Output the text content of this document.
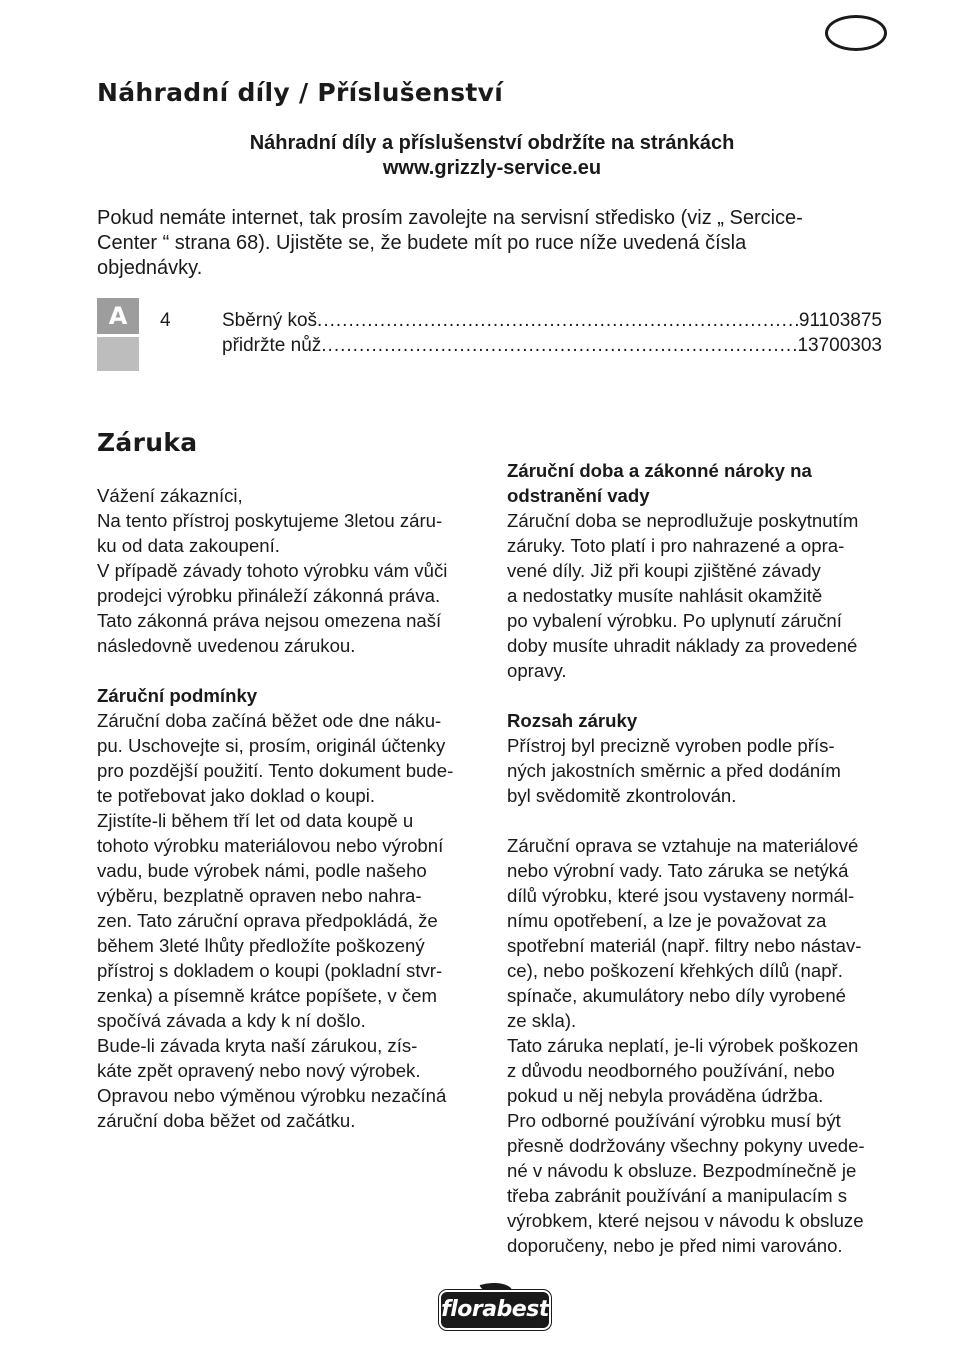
Náhradní díly / Příslušenství
Náhradní díly a příslušenství obdržíte na stránkách
www.grizzly-service.eu
Pokud nemáte internet, tak prosím zavolejte na servisní středisko (viz „ Sercice-
Center “ strana 68). Ujistěte se, že budete mít po ruce níže uvedená čísla
objednávky.
A	4	Sběrný koš .....	91103875
přidržte nůž .....	13700303
Záruka
Vážení zákazníci,
Na tento přístroj poskytujeme 3letou záru-
ku od data zakoupení.
V případě závady tohoto výrobku vám vůči
prodejci výrobku přináleží zákonná práva.
Tato zákonná práva nejsou omezena naší
následovně uvedenou zárukou.
Záruční podmínky
Záruční doba začíná běžet ode dne náku-
pu. Uschovejte si, prosím, originál účtenky
pro pozdější použití. Tento dokument bude-
te potřebovat jako doklad o koupi.
Zjistíte-li během tří let od data koupě u
tohoto výrobku materiálovou nebo výrobní
vadu, bude výrobek námi, podle našeho
výběru, bezplatně opraven nebo nahra-
zen. Tato záruční oprava předpokládá, že
během 3leté lhůty předložíte poškozený
přístroj s dokladem o koupi (pokladní stvr-
zenka) a písemně krátce popíšete, v čem
spočívá závada a kdy k ní došlo.
Bude-li závada kryta naší zárukou, zís-
káte zpět opravený nebo nový výrobek.
Opravou nebo výměnou výrobku nezačíná
záruční doba běžet od začátku.
Záruční doba a zákonné nároky na
odstranění vady
Záruční doba se neprodlužuje poskytnutím
záruky. Toto platí i pro nahrazené a opra-
vené díly. Již při koupi zjištěné závady
a nedostatky musíte nahlásit okamžitě
po vybalení výrobku. Po uplynutí záruční
doby musíte uhradit náklady za provedené
opravy.
Rozsah záruky
Přístroj byl precizně vyroben podle přís-
ných jakostních směrnic a před dodáním
byl svědomitě zkontrolován.
Záruční oprava se vztahuje na materiálové
nebo výrobní vady. Tato záruka se netýká
dílů výrobku, které jsou vystaveny normál-
nímu opotřebení, a lze je považovat za
spotřební materiál (např. filtry nebo nástav-
ce), nebo poškození křehkých dílů (např.
spínače, akumulátory nebo díly vyrobené
ze skla).
Tato záruka neplatí, je-li výrobek poškozen
z důvodu neodborného používání, nebo
pokud u něj nebyla prováděna údržba.
Pro odborné používání výrobku musí být
přesně dodržovány všechny pokyny uvede-
né v návodu k obsluze. Bezpodmínečně je
třeba zabránit používání a manipulacím s
výrobkem, které nejsou v návodu k obsluze
doporučeny, nebo je před nimi varováno.
florabest
